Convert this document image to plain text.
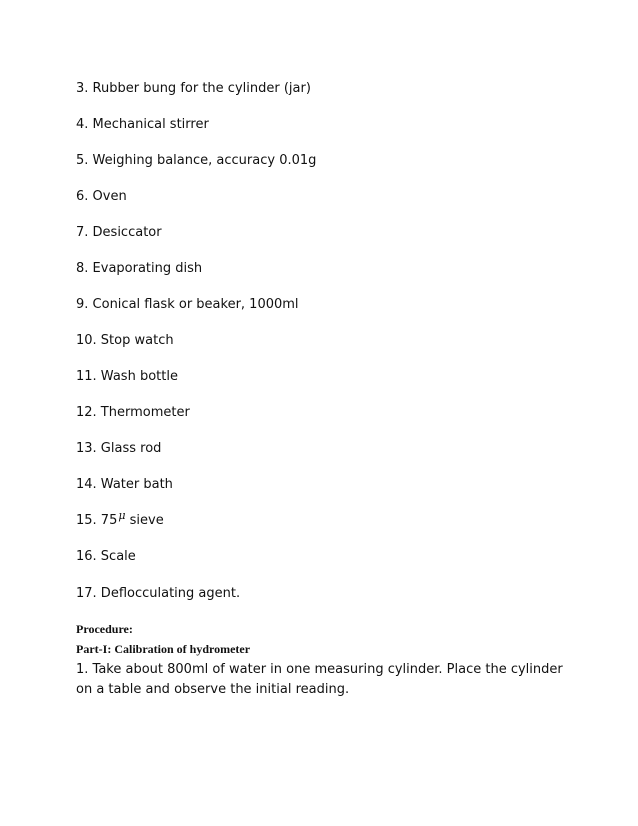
3. Rubber bung for the cylinder (jar)
4. Mechanical stirrer
5. Weighing balance, accuracy 0.01g
6. Oven
7. Desiccator
8. Evaporating dish
9. Conical flask or beaker, 1000ml
10. Stop watch
11. Wash bottle
12. Thermometer
13. Glass rod
14. Water bath
15. $75^\mu$ sieve
16. Scale
17. Deflocculating agent.
Procedure:
Part-I: Calibration of hydrometer
1. Take about 800ml of water in one measuring cylinder. Place the cylinder
on a table and observe the initial reading.
